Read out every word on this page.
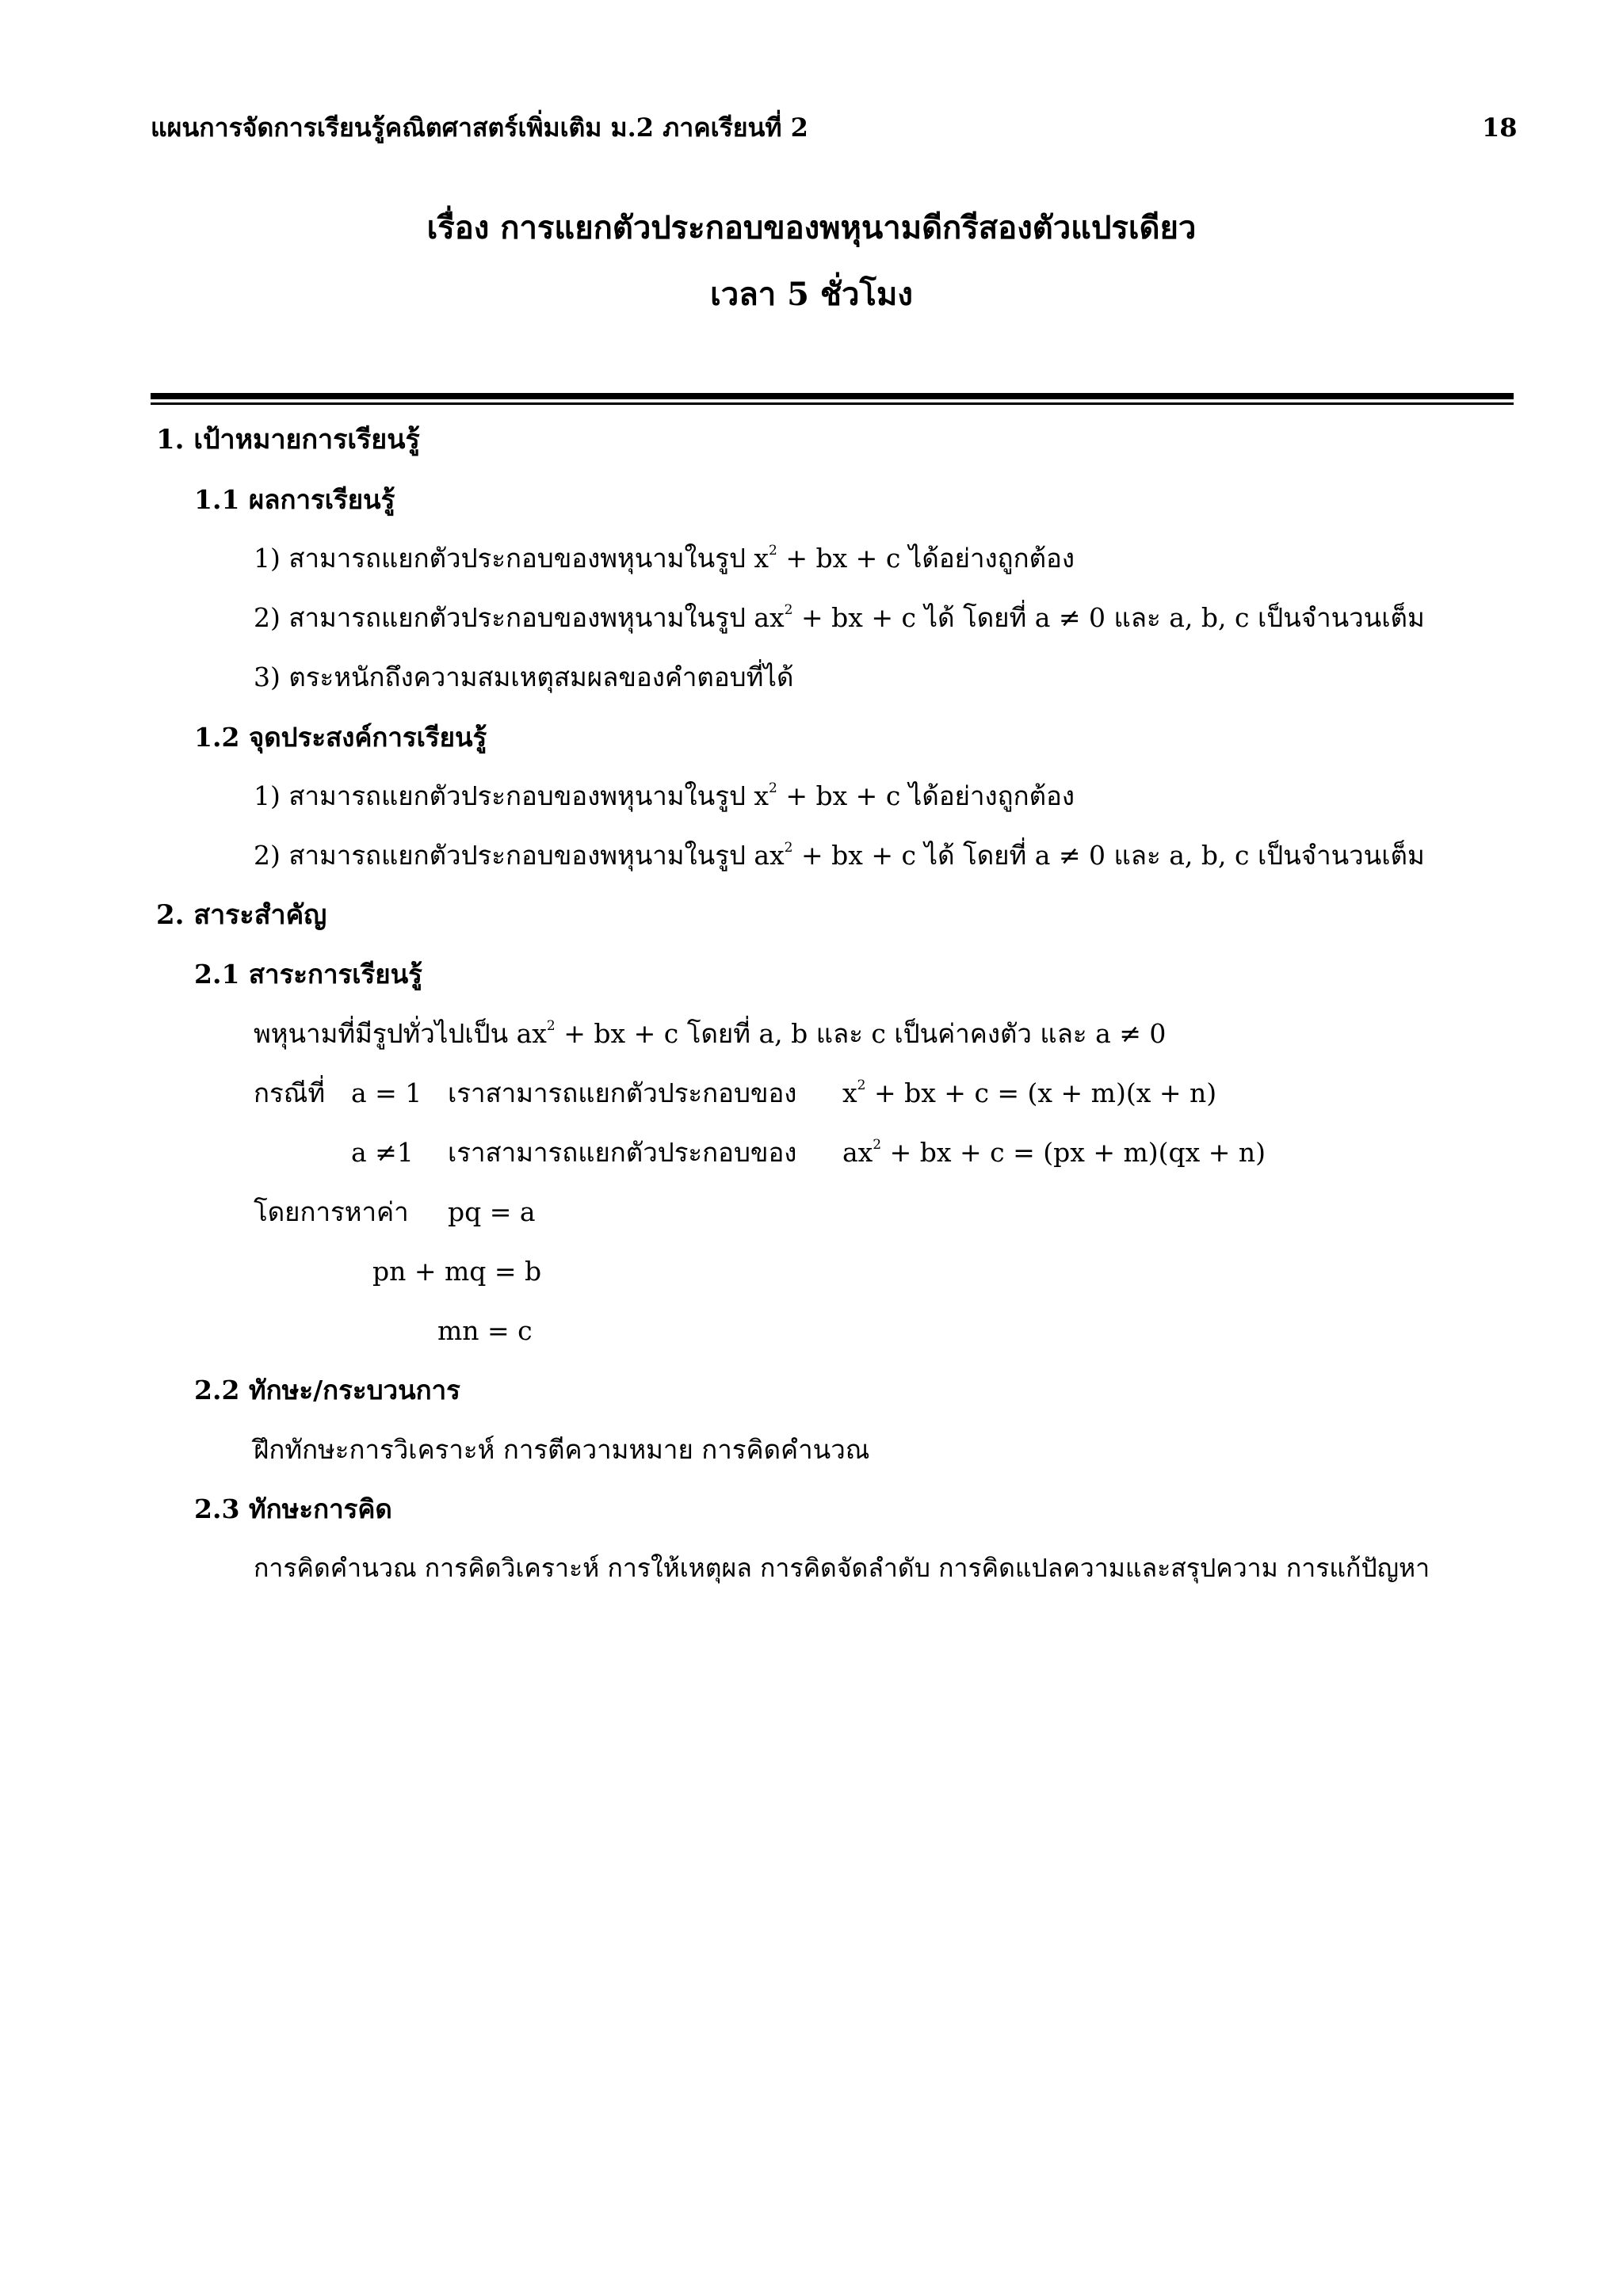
แผนการจัดการเรียนรู้คณิตศาสตร์เพิ่มเติม ม.2 ภาคเรียนที่ 2	18
เรื่อง การแยกตัวประกอบของพหุนามดีกรีสองตัวแปรเดียว
เวลา 5 ชั่วโมง
1. เป้าหมายการเรียนรู้
1.1 ผลการเรียนรู้
1) สามารถแยกตัวประกอบของพหุนามในรูป $x^2$ + bx + c ได้อย่างถูกต้อง
2) สามารถแยกตัวประกอบของพหุนามในรูป $ax^2$ + bx + c ได้ โดยที่ a ≠ 0 และ a, b, c เป็นจำนวนเต็ม
3) ตระหนักถึงความสมเหตุสมผลของคำตอบที่ได้
1.2 จุดประสงค์การเรียนรู้
1) สามารถแยกตัวประกอบของพหุนามในรูป $x^2$ + bx + c ได้อย่างถูกต้อง
2) สามารถแยกตัวประกอบของพหุนามในรูป $ax^2$ + bx + c ได้ โดยที่ a ≠ 0 และ a, b, c เป็นจำนวนเต็ม
2. สาระสำคัญ
2.1 สาระการเรียนรู้
พหุนามที่มีรูปทั่วไปเป็น $ax^2$ + bx + c โดยที่ a, b และ c เป็นค่าคงตัว และ a ≠ 0
กรณีที่ a = 1 เราสามารถแยกตัวประกอบของ $x^2$ + bx + c = (x + m)(x + n)
a ≠1 เราสามารถแยกตัวประกอบของ $ax^2$ + bx + c = (px + m)(qx + n)
โดยการหาค่า pq = a
pn + mq = b
mn = c
2.2 ทักษะ/กระบวนการ
ฝึกทักษะการวิเคราะห์ การตีความหมาย การคิดคำนวณ
2.3 ทักษะการคิด
การคิดคำนวณ การคิดวิเคราะห์ การให้เหตุผล การคิดจัดลำดับ การคิดแปลความและสรุปความ การแก้ปัญหา
